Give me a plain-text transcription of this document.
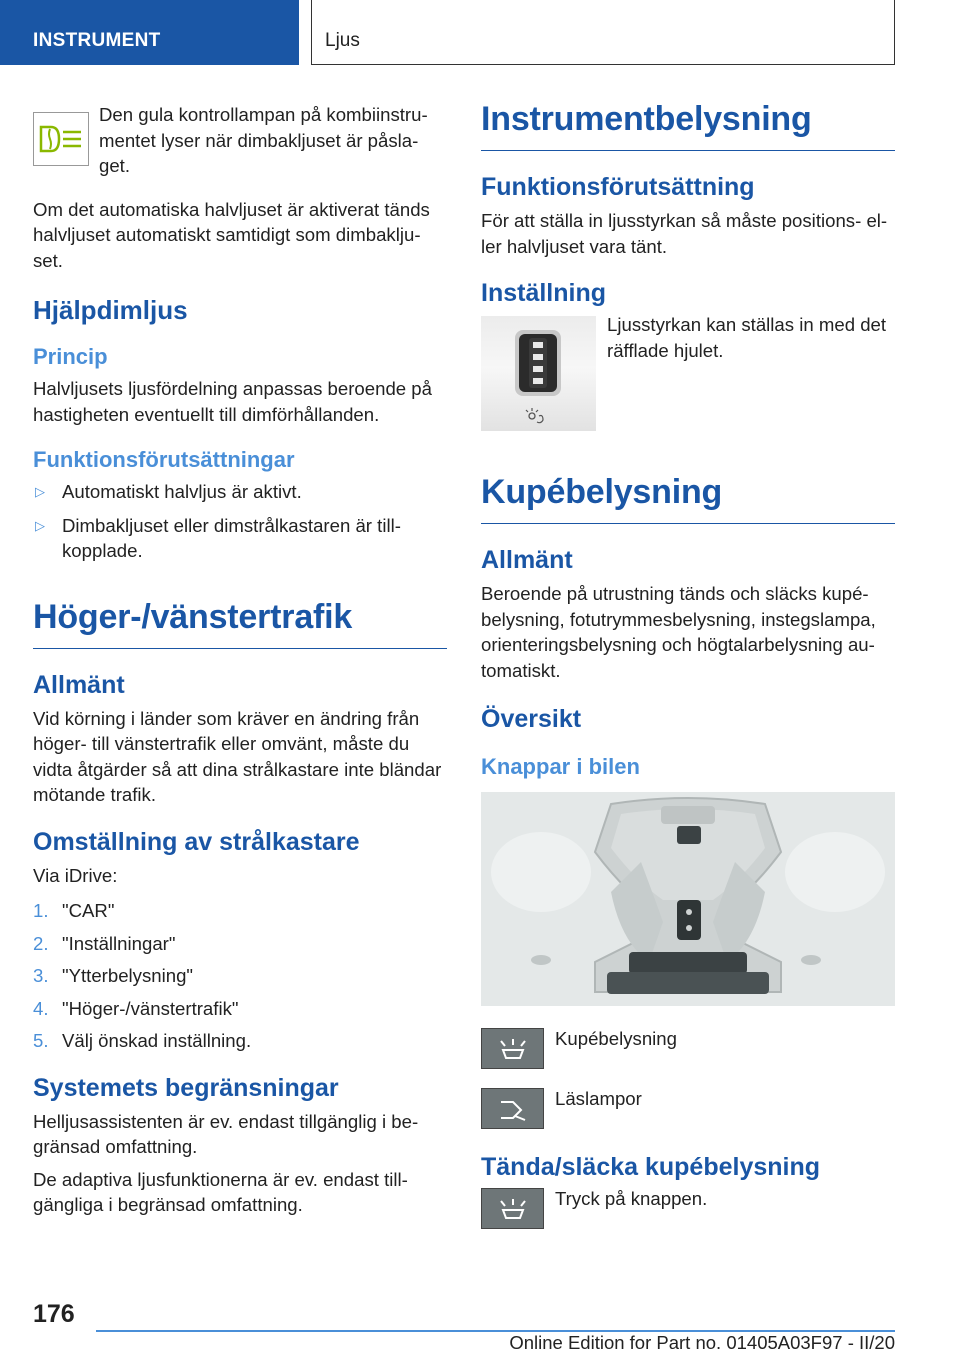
INSTRUMENT	Ljus

Den gula kontrollampan på kombiinstru-mentet lyser när dimbakljuset är påsla-get.

Om det automatiska halvljuset är aktiverat tänds halvljuset automatiskt samtidigt som dimbaklju-set.

Hjälpdimljus
Princip

Halvljusets ljusfördelning anpassas beroende på hastigheten eventuellt till dimförhållanden.

Funktionsförutsättningar
▷ Automatiskt halvljus är aktivt.
▷ Dimbakljuset eller dimstrålkastaren är till-kopplade.
Höger-/vänstertrafik
Allmänt

Vid körning i länder som kräver en ändring från höger- till vänstertrafik eller omvänt, måste du vidta åtgärder så att dina strålkastare inte bländar mötande trafik.

Omställning av strålkastare

Via iDrive:

1. "CAR"
2. "Inställningar"
3. "Ytterbelysning"
4. "Höger-/vänstertrafik"
5. Välj önskad inställning.
Systemets begränsningar

Helljusassistenten är ev. endast tillgänglig i be-gränsad omfattning.

De adaptiva ljusfunktionerna är ev. endast till-gängliga i begränsad omfattning.

Instrumentbelysning
Funktionsförutsättning

För att ställa in ljusstyrkan så måste positions- el-ler halvljuset vara tänt.

Inställning

Ljusstyrkan kan ställas in med det räfflade hjulet.

Kupébelysning
Allmänt

Beroende på utrustning tänds och släcks kupé-belysning, fotutrymmesbelysning, instegslampa, orienteringsbelysning och högtalarbelysning au-tomatiskt.

Översikt
Knappar i bilen
Kupébelysning
Läslampor
Tända/släcka kupébelysning
Tryck på knappen.
176
Online Edition for Part no. 01405A03F97 - II/20
